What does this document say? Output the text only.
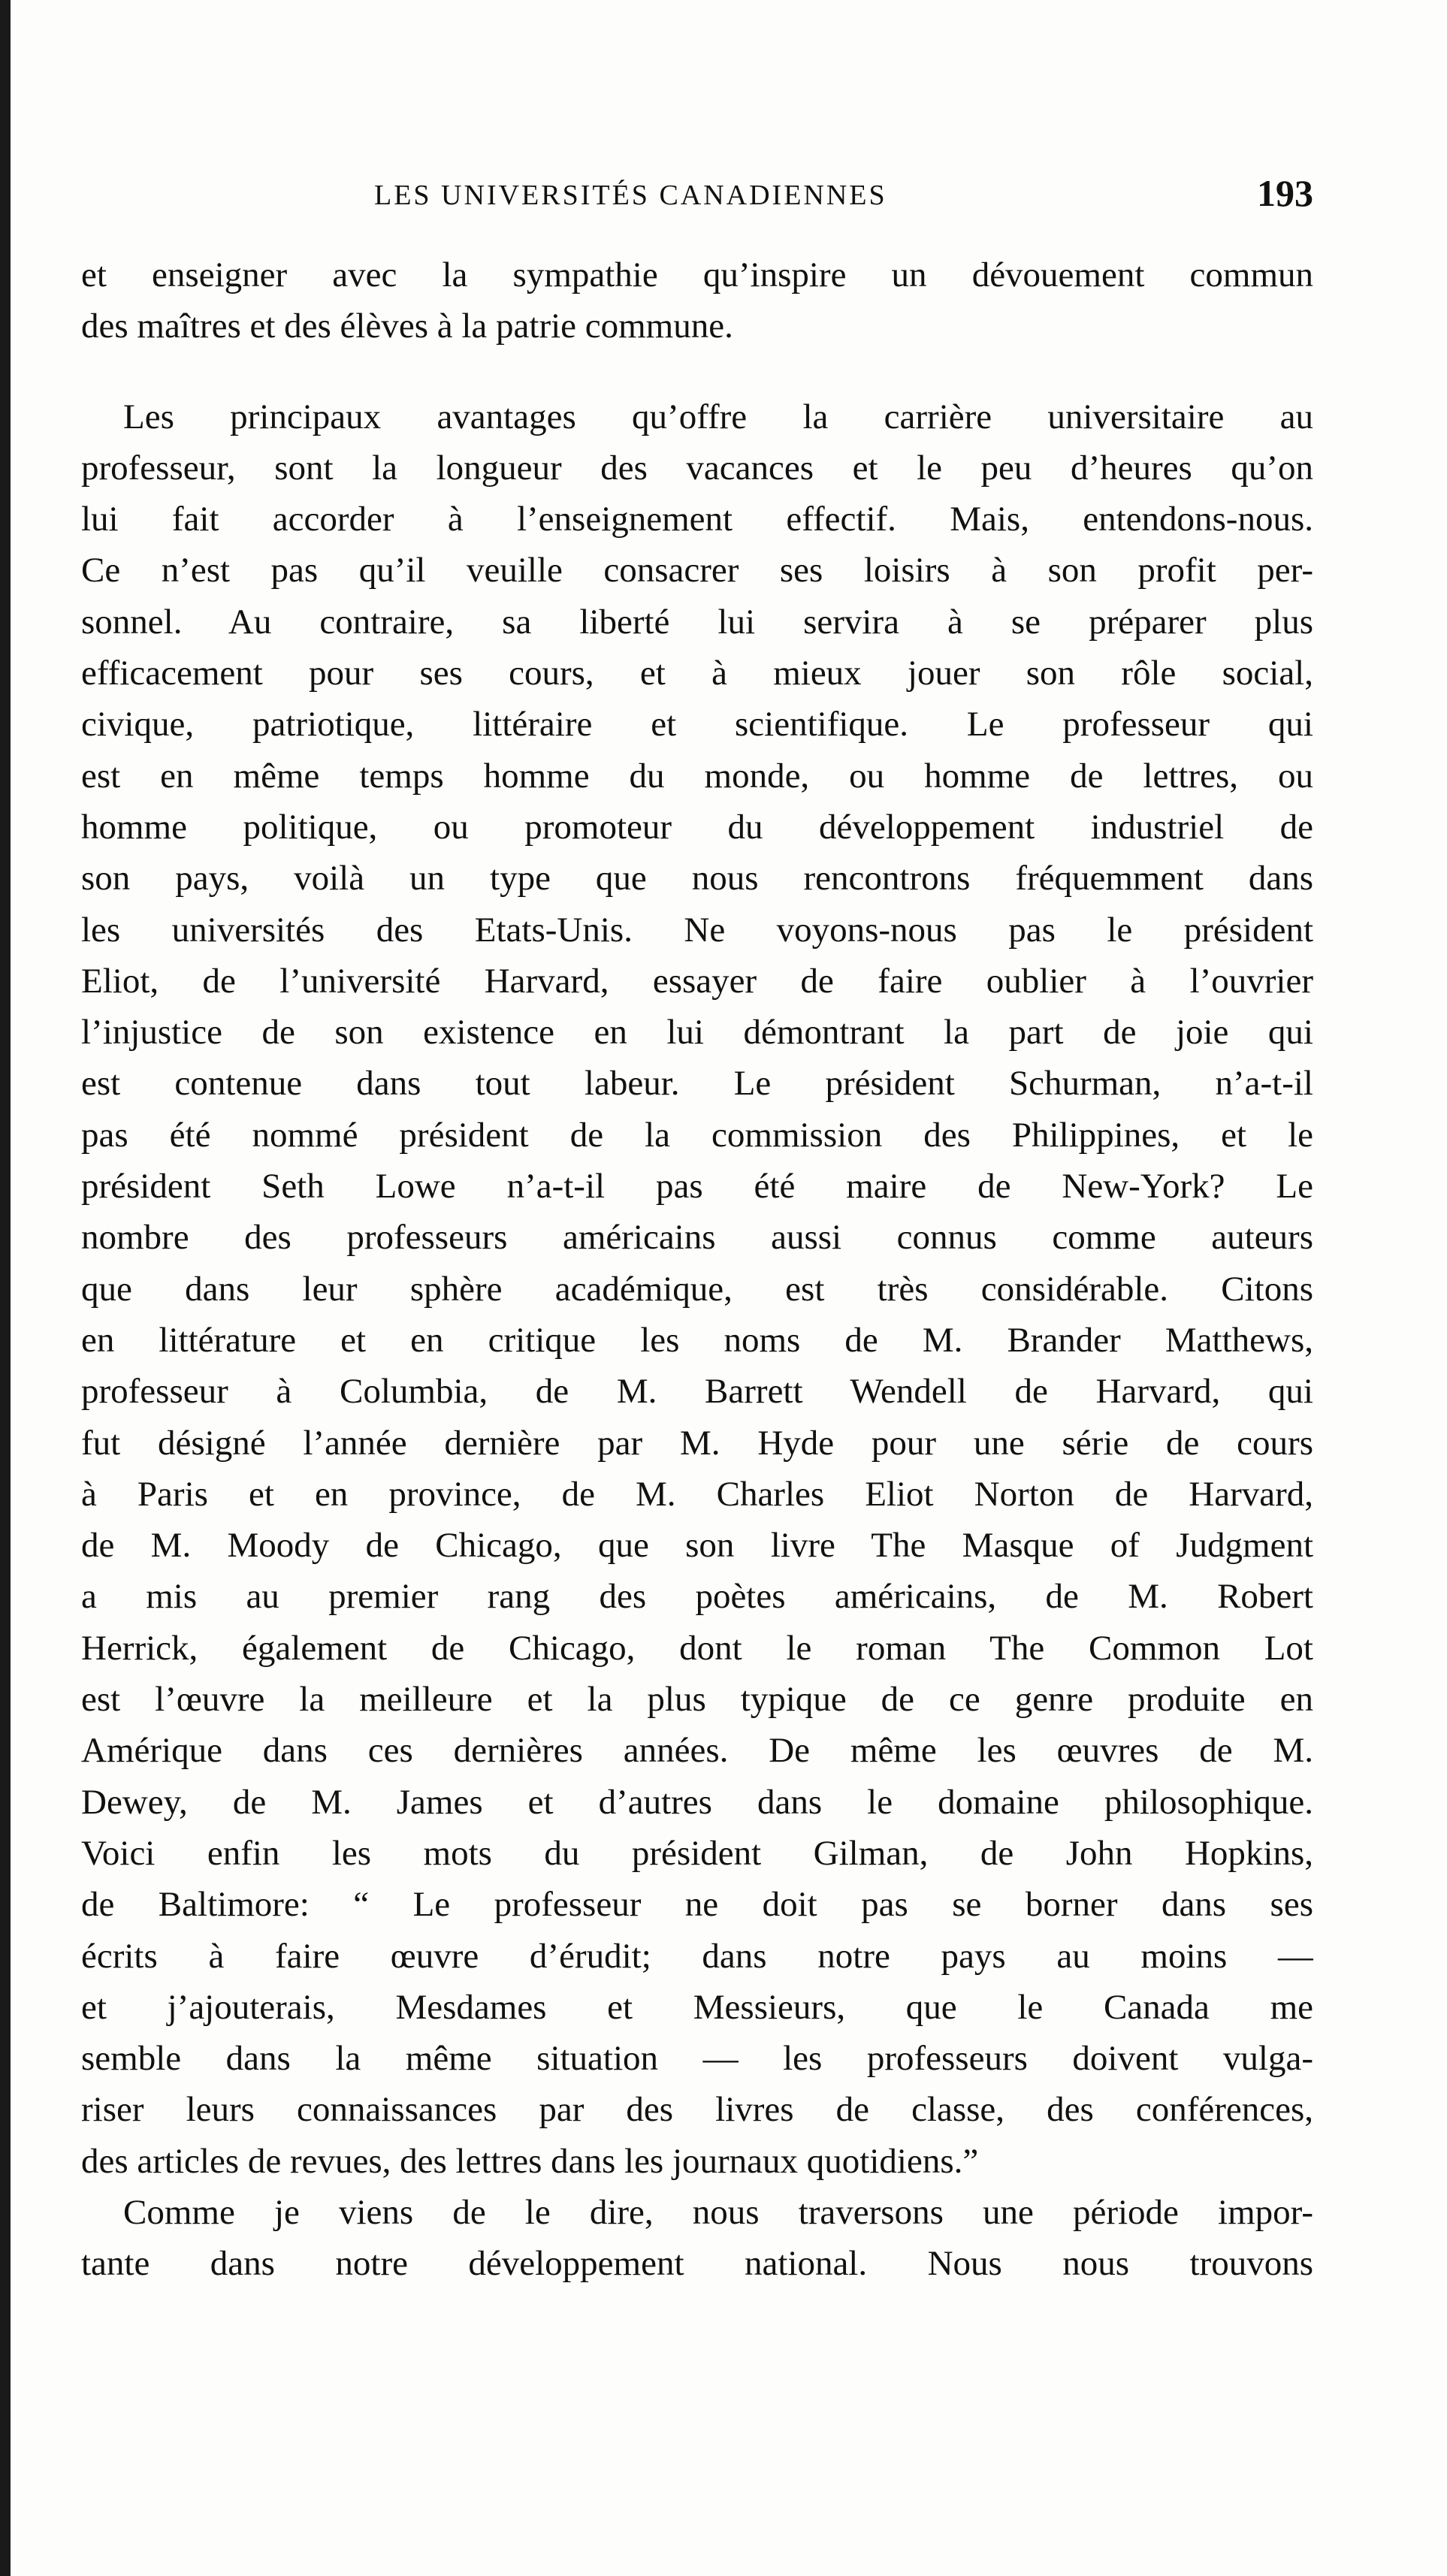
LES UNIVERSITÉS CANADIENNES	193
et enseigner avec la sympathie qu’inspire un dévouement commun
des maîtres et des élèves à la patrie commune.
Les principaux avantages qu’offre la carrière universitaire au
professeur, sont la longueur des vacances et le peu d’heures qu’on
lui fait accorder à l’enseignement effectif. Mais, entendons-nous.
Ce n’est pas qu’il veuille consacrer ses loisirs à son profit per-
sonnel. Au contraire, sa liberté lui servira à se préparer plus
efficacement pour ses cours, et à mieux jouer son rôle social,
civique, patriotique, littéraire et scientifique. Le professeur qui
est en même temps homme du monde, ou homme de lettres, ou
homme politique, ou promoteur du développement industriel de
son pays, voilà un type que nous rencontrons fréquemment dans
les universités des Etats-Unis. Ne voyons-nous pas le président
Eliot, de l’université Harvard, essayer de faire oublier à l’ouvrier
l’injustice de son existence en lui démontrant la part de joie qui
est contenue dans tout labeur. Le président Schurman, n’a-t-il
pas été nommé président de la commission des Philippines, et le
président Seth Lowe n’a-t-il pas été maire de New-York? Le
nombre des professeurs américains aussi connus comme auteurs
que dans leur sphère académique, est très considérable. Citons
en littérature et en critique les noms de M. Brander Matthews,
professeur à Columbia, de M. Barrett Wendell de Harvard, qui
fut désigné l’année dernière par M. Hyde pour une série de cours
à Paris et en province, de M. Charles Eliot Norton de Harvard,
de M. Moody de Chicago, que son livre The Masque of Judgment
a mis au premier rang des poètes américains, de M. Robert
Herrick, également de Chicago, dont le roman The Common Lot
est l’œuvre la meilleure et la plus typique de ce genre produite en
Amérique dans ces dernières années. De même les œuvres de M.
Dewey, de M. James et d’autres dans le domaine philosophique.
Voici enfin les mots du président Gilman, de John Hopkins,
de Baltimore: “ Le professeur ne doit pas se borner dans ses
écrits à faire œuvre d’érudit; dans notre pays au moins —
et j’ajouterais, Mesdames et Messieurs, que le Canada me
semble dans la même situation — les professeurs doivent vulga-
riser leurs connaissances par des livres de classe, des conférences,
des articles de revues, des lettres dans les journaux quotidiens.”
Comme je viens de le dire, nous traversons une période impor-
tante dans notre développement national. Nous nous trouvons
